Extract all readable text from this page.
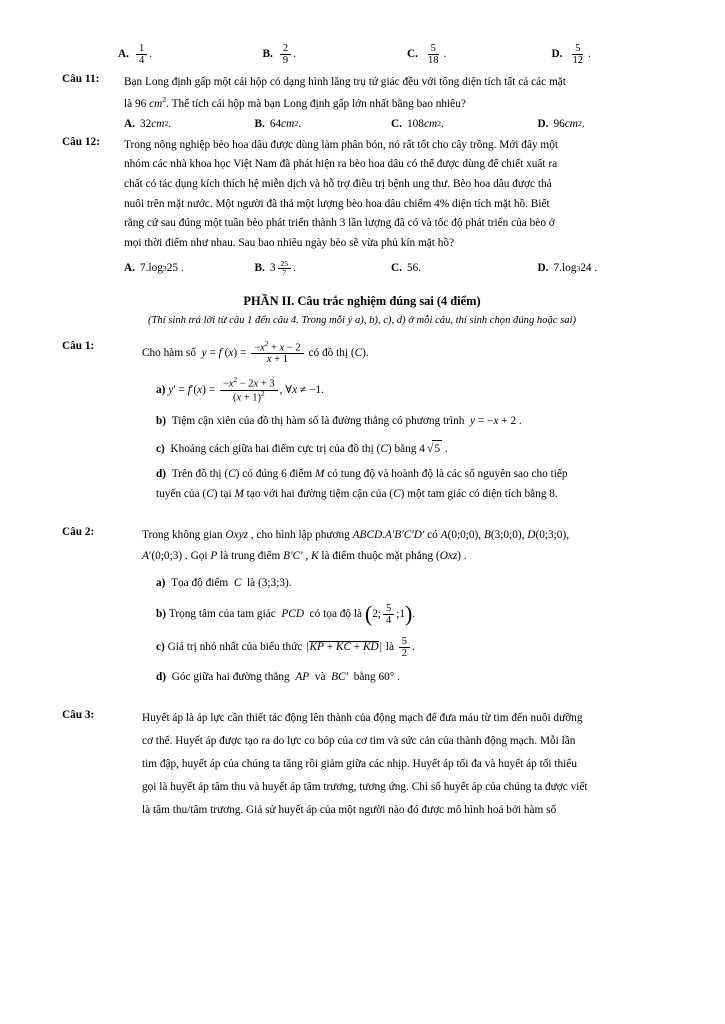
A. $\frac{1}{4}$ .	B. $\frac{2}{9}$ .	C. $\frac{5}{18}$ .	D. $\frac{5}{12}$ .
Câu 11:	Bạn Long định gấp một cái hộp có dạng hình lăng trụ tứ giác đều với tổng diện tích tất cả các mặt

là 96 $cm^2$. Thể tích cái hộp mà bạn Long định gấp lớn nhất bằng bao nhiêu?

A. 32 cm 2 .	B. 64 cm 2 .	C. 108 cm 2 .	D. 96 cm 2 .
Câu 12:	Trong nông nghiệp bèo hoa dâu được dùng làm phân bón, nó rất tốt cho cây trồng. Mới đây một

nhóm các nhà khoa học Việt Nam đã phát hiện ra bèo hoa dâu có thể được dùng để chiết xuất ra

chất có tác dụng kích thích hệ miễn dịch và hỗ trợ điều trị bệnh ung thư. Bèo hoa dâu được thả

nuôi trên mặt nước. Một người đã thả một lượng bèo hoa dâu chiếm 4% diện tích mặt hồ. Biết

rằng cứ sau đúng một tuần bèo phát triển thành 3 lần lượng đã có và tốc độ phát triển của bèo ở

mọi thời điểm như nhau. Sau bao nhiêu ngày bèo sẽ vừa phủ kín mặt hồ?

A. 7.log 3 25 .	B. $3 \frac{25}{7}$ .	C. 56.	D. 7.log 3 24 .
PHẦN II. Câu trắc nghiệm đúng sai (4 điểm)
(Thí sinh trả lời từ câu 1 đến câu 4. Trong mỗi ý a), b), c), d) ở mỗi câu, thí sinh chọn đúng hoặc sai)
Câu 1:

Cho hàm số  y = f $(x) = \frac{-x^2 + x - 2}{x + 1}$ có đồ thị (C).

a) $y' = f'(x) = \frac{-x^2 - 2x + 3}{(x + 1)^2}$ , ∀x ≠ −1.

b)  Tiệm cận xiên của đồ thị hàm số là đường thẳng có phương trình  y = −x + 2 .

c)  Khoảng cách giữa hai điểm cực trị của đồ thị (C) bằng 4 √5 .

d)  Trên đồ thị (C) có đúng 6 điểm M có tung độ và hoành độ là các số nguyên sao cho tiếp

tuyến của (C) tại M tạo với hai đường tiệm cận của (C) một tam giác có diện tích bằng 8.

Câu 2:	Trong không gian Oxyz , cho hình lập phương ABCD.A′B′C′D′ có A(0;0;0), B(3;0;0), D(0;3;0),

A′(0;0;3) . Gọi P là trung điểm B′C′ , K là điểm thuộc mặt phẳng (Oxz) .

a)  Tọa độ điểm  C  là (3;3;3).

b) Trọng tâm của tam giác  PCD  có tọa độ là ( 2; $\frac{5}{4}$ ;1 ) .

c) Giá trị nhỏ nhất của biểu thức | KP + KC + KD | là $\frac{5}{2}$ .

d)  Góc giữa hai đường thẳng  AP  và  BC′  bằng 60° .

Câu 3:	Huyết áp là áp lực cần thiết tác động lên thành của động mạch để đưa máu từ tim đến nuôi dưỡng

cơ thể. Huyết áp được tạo ra do lực co bóp của cơ tim và sức cản của thành động mạch. Mỗi lần

tim đập, huyết áp của chúng ta tăng rồi giảm giữa các nhịp. Huyết áp tối đa và huyết áp tối thiểu

gọi là huyết áp tâm thu và huyết áp tâm trương, tương ứng. Chỉ số huyết áp của chúng ta được viết

là tâm thu/tâm trương. Giả sử huyết áp của một người nào đó được mô hình hoá bởi hàm số
